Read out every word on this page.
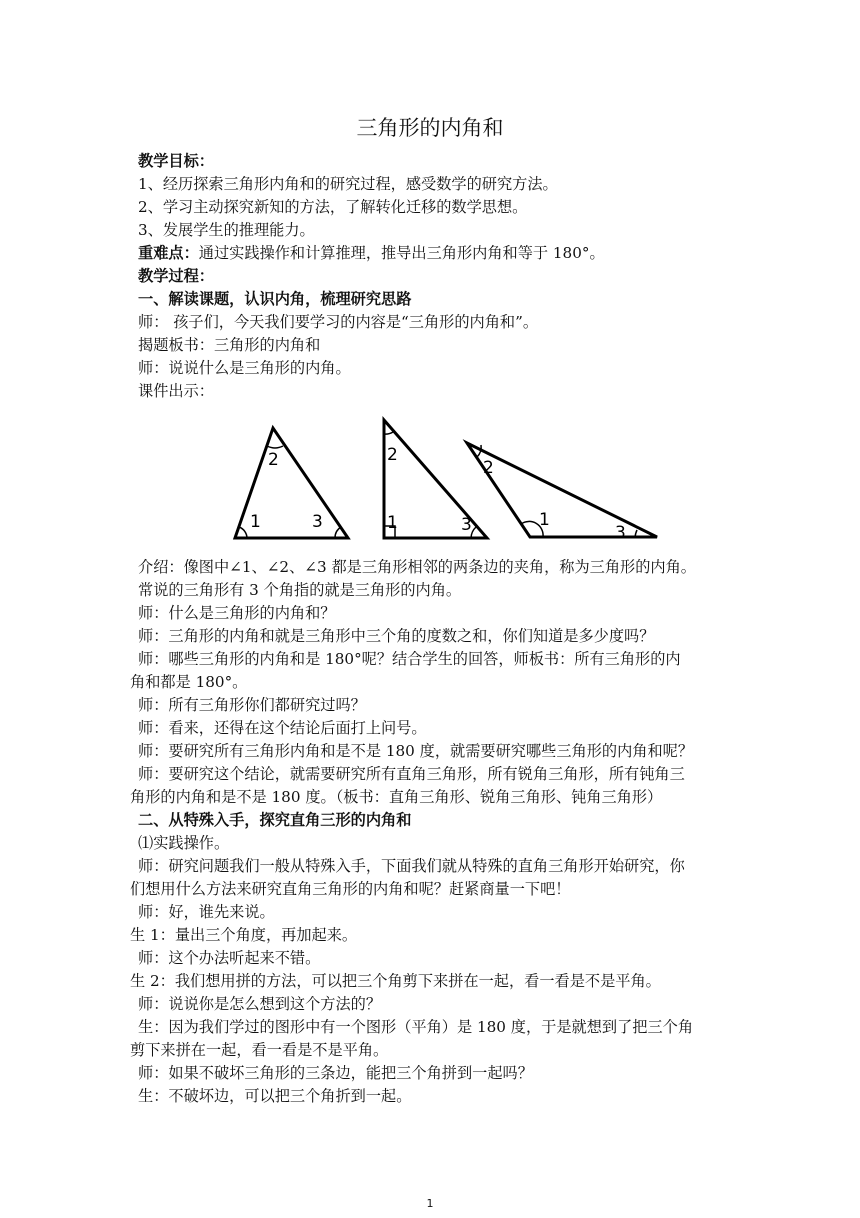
三角形的内角和
教学目标：
1、经历探索三角形内角和的研究过程，感受数学的研究方法。
2、学习主动探究新知的方法，了解转化迁移的数学思想。
3、发展学生的推理能力。
重难点：通过实践操作和计算推理，推导出三角形内角和等于 180°。
教学过程：
一、解读课题，认识内角，梳理研究思路
师： 孩子们，今天我们要学习的内容是“三角形的内角和”。
揭题板书：三角形的内角和
师：说说什么是三角形的内角。
课件出示：
1
2
3
2
1	3
2
1
3
介绍：像图中∠1、∠2、∠3 都是三角形相邻的两条边的夹角，称为三角形的内角。
常说的三角形有 3 个角指的就是三角形的内角。
师：什么是三角形的内角和？
师：三角形的内角和就是三角形中三个角的度数之和，你们知道是多少度吗？
师：哪些三角形的内角和是 180°呢？结合学生的回答，师板书：所有三角形的内
角和都是 180°。
师：所有三角形你们都研究过吗？
师：看来，还得在这个结论后面打上问号。
师：要研究所有三角形内角和是不是 180 度，就需要研究哪些三角形的内角和呢？
师：要研究这个结论，就需要研究所有直角三角形，所有锐角三角形，所有钝角三
角形的内角和是不是 180 度。（板书：直角三角形、锐角三角形、钝角三角形）
二、从特殊入手，探究直角三形的内角和
⑴实践操作。
师：研究问题我们一般从特殊入手，下面我们就从特殊的直角三角形开始研究，你
们想用什么方法来研究直角三角形的内角和呢？赶紧商量一下吧！
师：好，谁先来说。
生 1：量出三个角度，再加起来。
师：这个办法听起来不错。
生 2：我们想用拼的方法，可以把三个角剪下来拼在一起，看一看是不是平角。
师：说说你是怎么想到这个方法的？
生：因为我们学过的图形中有一个图形（平角）是 180 度，于是就想到了把三个角
剪下来拼在一起，看一看是不是平角。
师：如果不破坏三角形的三条边，能把三个角拼到一起吗？
生：不破坏边，可以把三个角折到一起。
1
